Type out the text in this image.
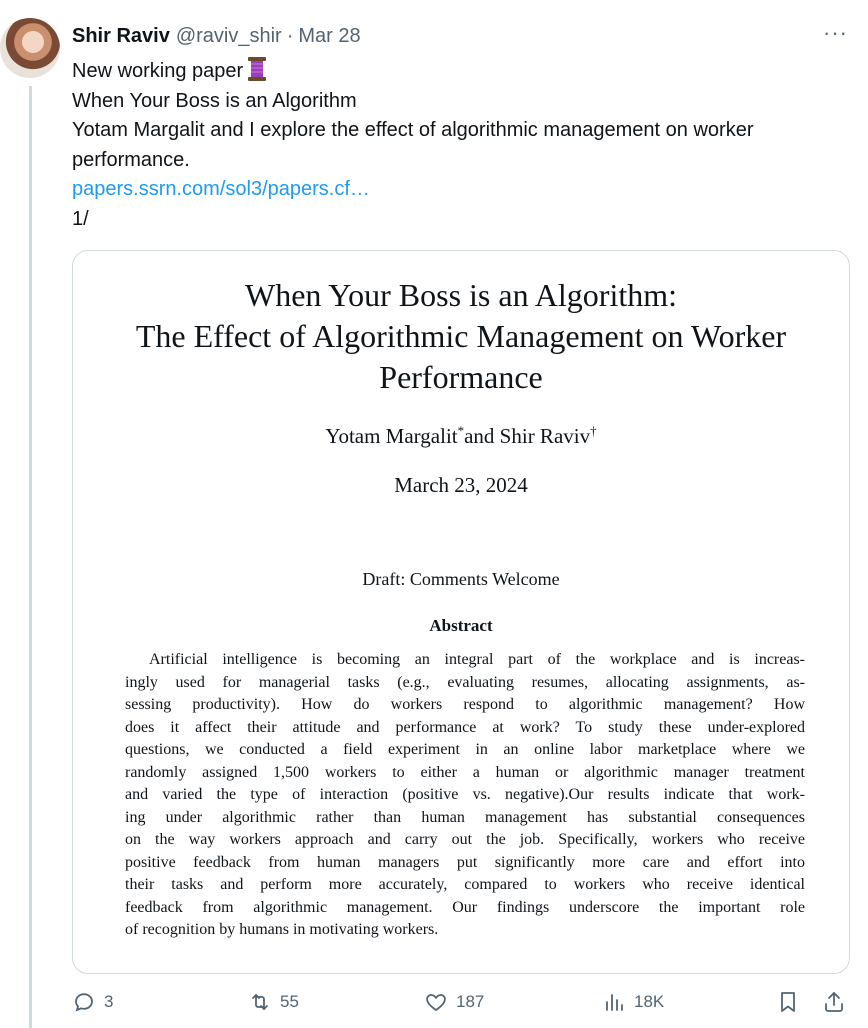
Shir Raviv @raviv_shir · Mar 28	···
New working paper
When Your Boss is an Algorithm
Yotam Margalit and I explore the effect of algorithmic management on worker performance.
papers.ssrn.com/sol3/papers.cf…
1/
When Your Boss is an Algorithm:
The Effect of Algorithmic Management on Worker
Performance
Yotam Margalit*and Shir Raviv†
March 23, 2024
Draft: Comments Welcome
Abstract
Artificial intelligence is becoming an integral part of the workplace and is increas-
ingly used for managerial tasks (e.g., evaluating resumes, allocating assignments, as-
sessing productivity). How do workers respond to algorithmic management? How
does it affect their attitude and performance at work? To study these under-explored
questions, we conducted a field experiment in an online labor marketplace where we
randomly assigned 1,500 workers to either a human or algorithmic manager treatment
and varied the type of interaction (positive vs. negative).Our results indicate that work-
ing under algorithmic rather than human management has substantial consequences
on the way workers approach and carry out the job. Specifically, workers who receive
positive feedback from human managers put significantly more care and effort into
their tasks and perform more accurately, compared to workers who receive identical
feedback from algorithmic management. Our findings underscore the important role
of recognition by humans in motivating workers.
3	55	187	18K
